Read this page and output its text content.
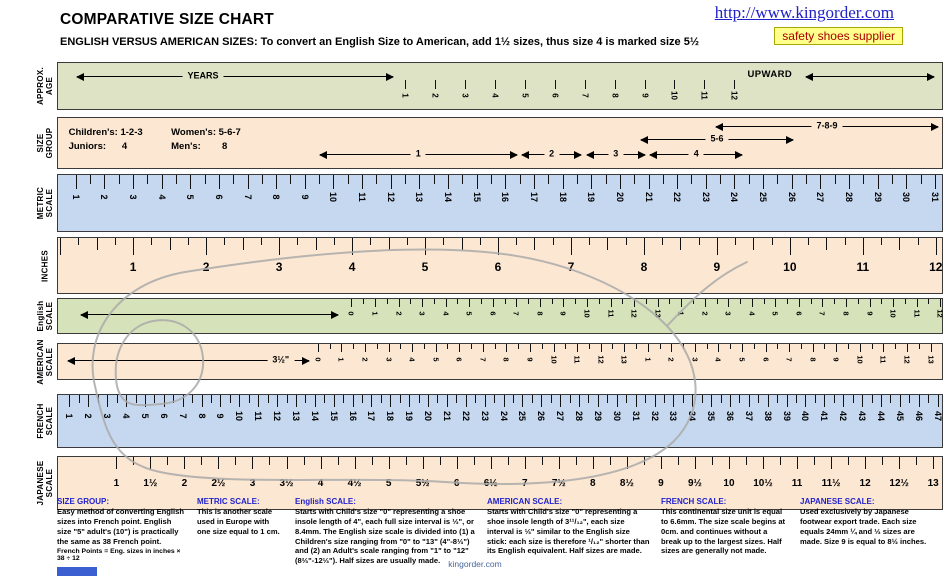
COMPARATIVE SIZE CHART	http://www.kingorder.com
safety shoes supplier
ENGLISH VERSUS AMERICAN SIZES: To convert an English Size to American, add 1½ sizes, thus size 4 is marked size 5½
APPROX. AGE
1	2	3	4	5	6	7	8	9	10	11	12
YEARS	UPWARD
SIZE GROUP Children's: 1-2-3	Women's: 5-6-7
Juniors:      4	Men's:        8
7-8-9
5-6
1	2	3	4
METRIC SCALE 1 2 3 4 5 6 7 8 9 10 11 12 13 14 15 16 17 18 19 20 21 22 23 24 25 26 27 28 29 30 31
INCHES	1	2	3	4	5	6	7	8	9	10	11	12
English SCALE	0 1 2 3 4 5 6 7 8 9 10 11 12 13 1 2 3 4 5 6 7 8 9 10 11 12
AMERICAN SCALE	0 1 2 3 4 5 6 7 8 9 10 11 12 13 1 2 3 4 5 6 7 8 9 10 11 12 13
3½"
FRENCH SCALE 1 2 3 4 5 6 7 8 9 10 11 12 13 14 15 16 17 18 19 20 21 22 23 24 25 26 27 28 29 30 31 32 33 34 35 36 37 38 39 40 41 42 43 44 45 46 47
JAPANESE SCALE	1 1½ 2 2½ 3 3½ 4 4½ 5 5½ 6 6½ 7 7½ 8 8½ 9 9½ 10 10½ 11 11½ 12 12½ 13
SIZE GROUP:

Easy method of converting English sizes into French point. English size "5" adult's (10") is practically the same as 38 French point.

French Points = Eng. sizes in inches × 38 ÷ 12
METRIC SCALE:

This is another scale used in Europe with one size equal to 1 cm.

English SCALE:

Starts with Child's size "0" representing a shoe insole length of 4", each full size interval is ⅓", or 8.4mm. The English size scale is divided into (1) a Children's size ranging from "0" to "13" (4"-8⅓") and (2) an Adult's scale ranging from "1" to "12" (8⅔"-12⅓"). Half sizes are usually made.

AMERICAN SCALE:

Starts with Child's size "0" representing a shoe insole length of 3¹¹/₁₂", each size interval is ⅓" similar to the English size stick: each size is therefore ¹/₁₂" shorter than its English equivalent. Half sizes are made.

FRENCH SCALE:

This continental size unit is equal to 6.6mm. The size scale begins at 0cm. and continues without a break up to the largest sizes. Half sizes are generally not made.

JAPANESE SCALE:

Used exclusively by Japanese footwear export trade. Each size equals 24mm ¼ and ⅓ sizes are made. Size 9 is equal to 8½ inches.

kingorder.com
